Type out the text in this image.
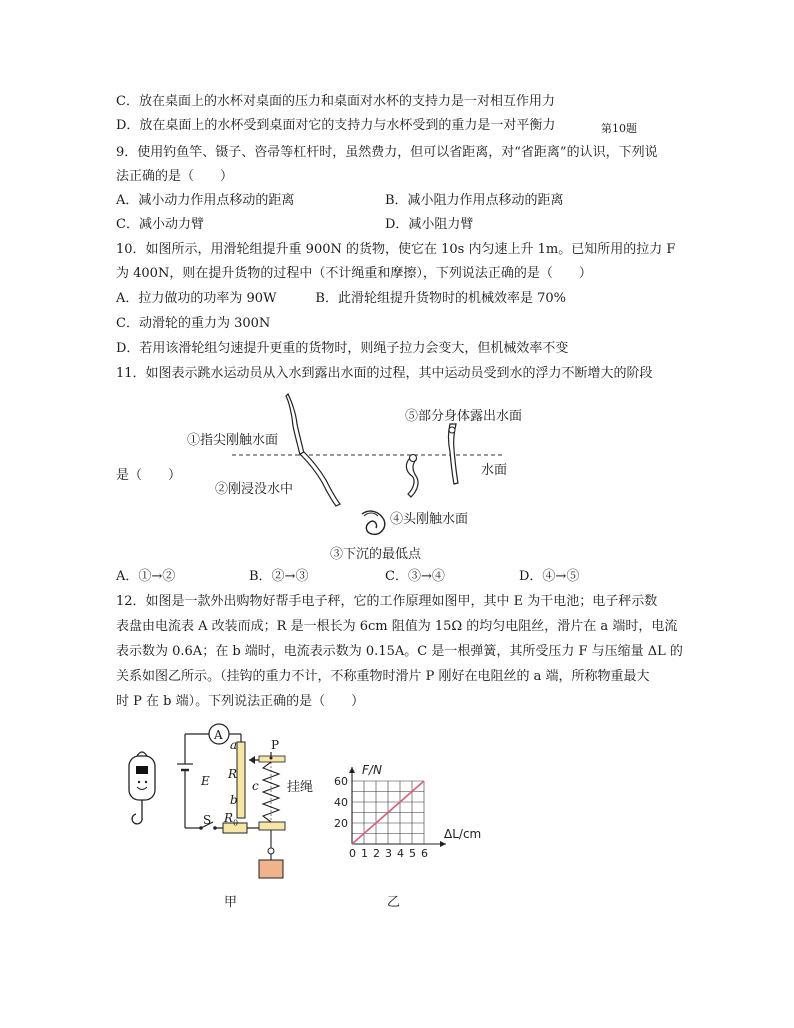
C．放在桌面上的水杯对桌面的压力和桌面对水杯的支持力是一对相互作用力
D．放在桌面上的水杯受到桌面对它的支持力与水杯受到的重力是一对平衡力	第10题
9．使用钓鱼竿、镊子、咨帚等杠杆时，虽然费力，但可以省距离，对“省距离”的认识，下列说
法正确的是（　　）
A．减小动力作用点移动的距离	B．减小阻力作用点移动的距离
C．减小动力臂	D．减小阻力臂
10．如图所示，用滑轮组提升重 900N 的货物，使它在 10s 内匀速上升 1m。已知所用的拉力 F
为 400N，则在提升货物的过程中（不计绳重和摩擦），下列说法正确的是（　　）
A．拉力做功的功率为 90W　　　B．此滑轮组提升货物时的机械效率是 70%
C．动滑轮的重力为 300N
D．若用该滑轮组匀速提升更重的货物时，则绳子拉力会变大，但机械效率不变
11．如图表示跳水运动员从入水到露出水面的过程，其中运动员受到水的浮力不断增大的阶段
是（　　）
①指尖刚触水面
②刚浸没水中
③下沉的最低点
④头刚触水面
⑤部分身体露出水面
水面
A．①→②	B．②→③	C．③→④	D．④→⑤
12．如图是一款外出购物好帮手电子秤，它的工作原理如图甲，其中 E 为干电池；电子秤示数
表盘由电流表 A 改装而成；R 是一根长为 6cm 阻值为 15Ω 的均匀电阻丝，滑片在 a 端时，电流
表示数为 0.6A；在 b 端时，电流表示数为 0.15A。C 是一根弹簧，其所受压力 F 与压缩量 ΔL 的
关系如图乙所示。（挂钩的重力不计，不称重物时滑片 P 刚好在电阻丝的 a 端，所称物重最大
时 P 在 b 端）。下列说法正确的是（　　）
A
a	P
R
E	c 挂绳
b
S $R_0$
甲
0 1 2 3 4 5 6
20
40
60
F/N
ΔL/cm
乙
